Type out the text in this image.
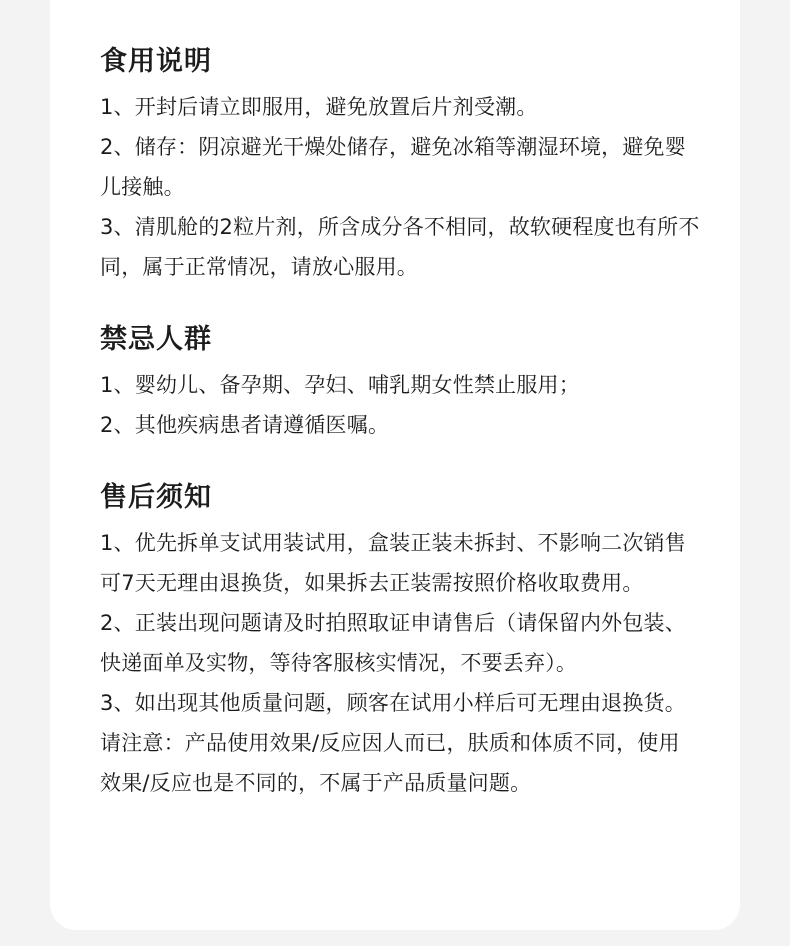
食用说明

1、开封后请立即服用，避免放置后片剂受潮。

2、储存：阴凉避光干燥处储存，避免冰箱等潮湿环境，避免婴儿接触。

3、清肌舱的2粒片剂，所含成分各不相同，故软硬程度也有所不同，属于正常情况，请放心服用。

禁忌人群

1、婴幼儿、备孕期、孕妇、哺乳期女性禁止服用；

2、其他疾病患者请遵循医嘱。

售后须知

1、优先拆单支试用装试用，盒装正装未拆封、不影响二次销售可7天无理由退换货，如果拆去正装需按照价格收取费用。

2、正装出现问题请及时拍照取证申请售后（请保留内外包装、快递面单及实物，等待客服核实情况，不要丢弃）。

3、如出现其他质量问题，顾客在试用小样后可无理由退换货。

请注意：产品使用效果/反应因人而已，肤质和体质不同，使用效果/反应也是不同的，不属于产品质量问题。
